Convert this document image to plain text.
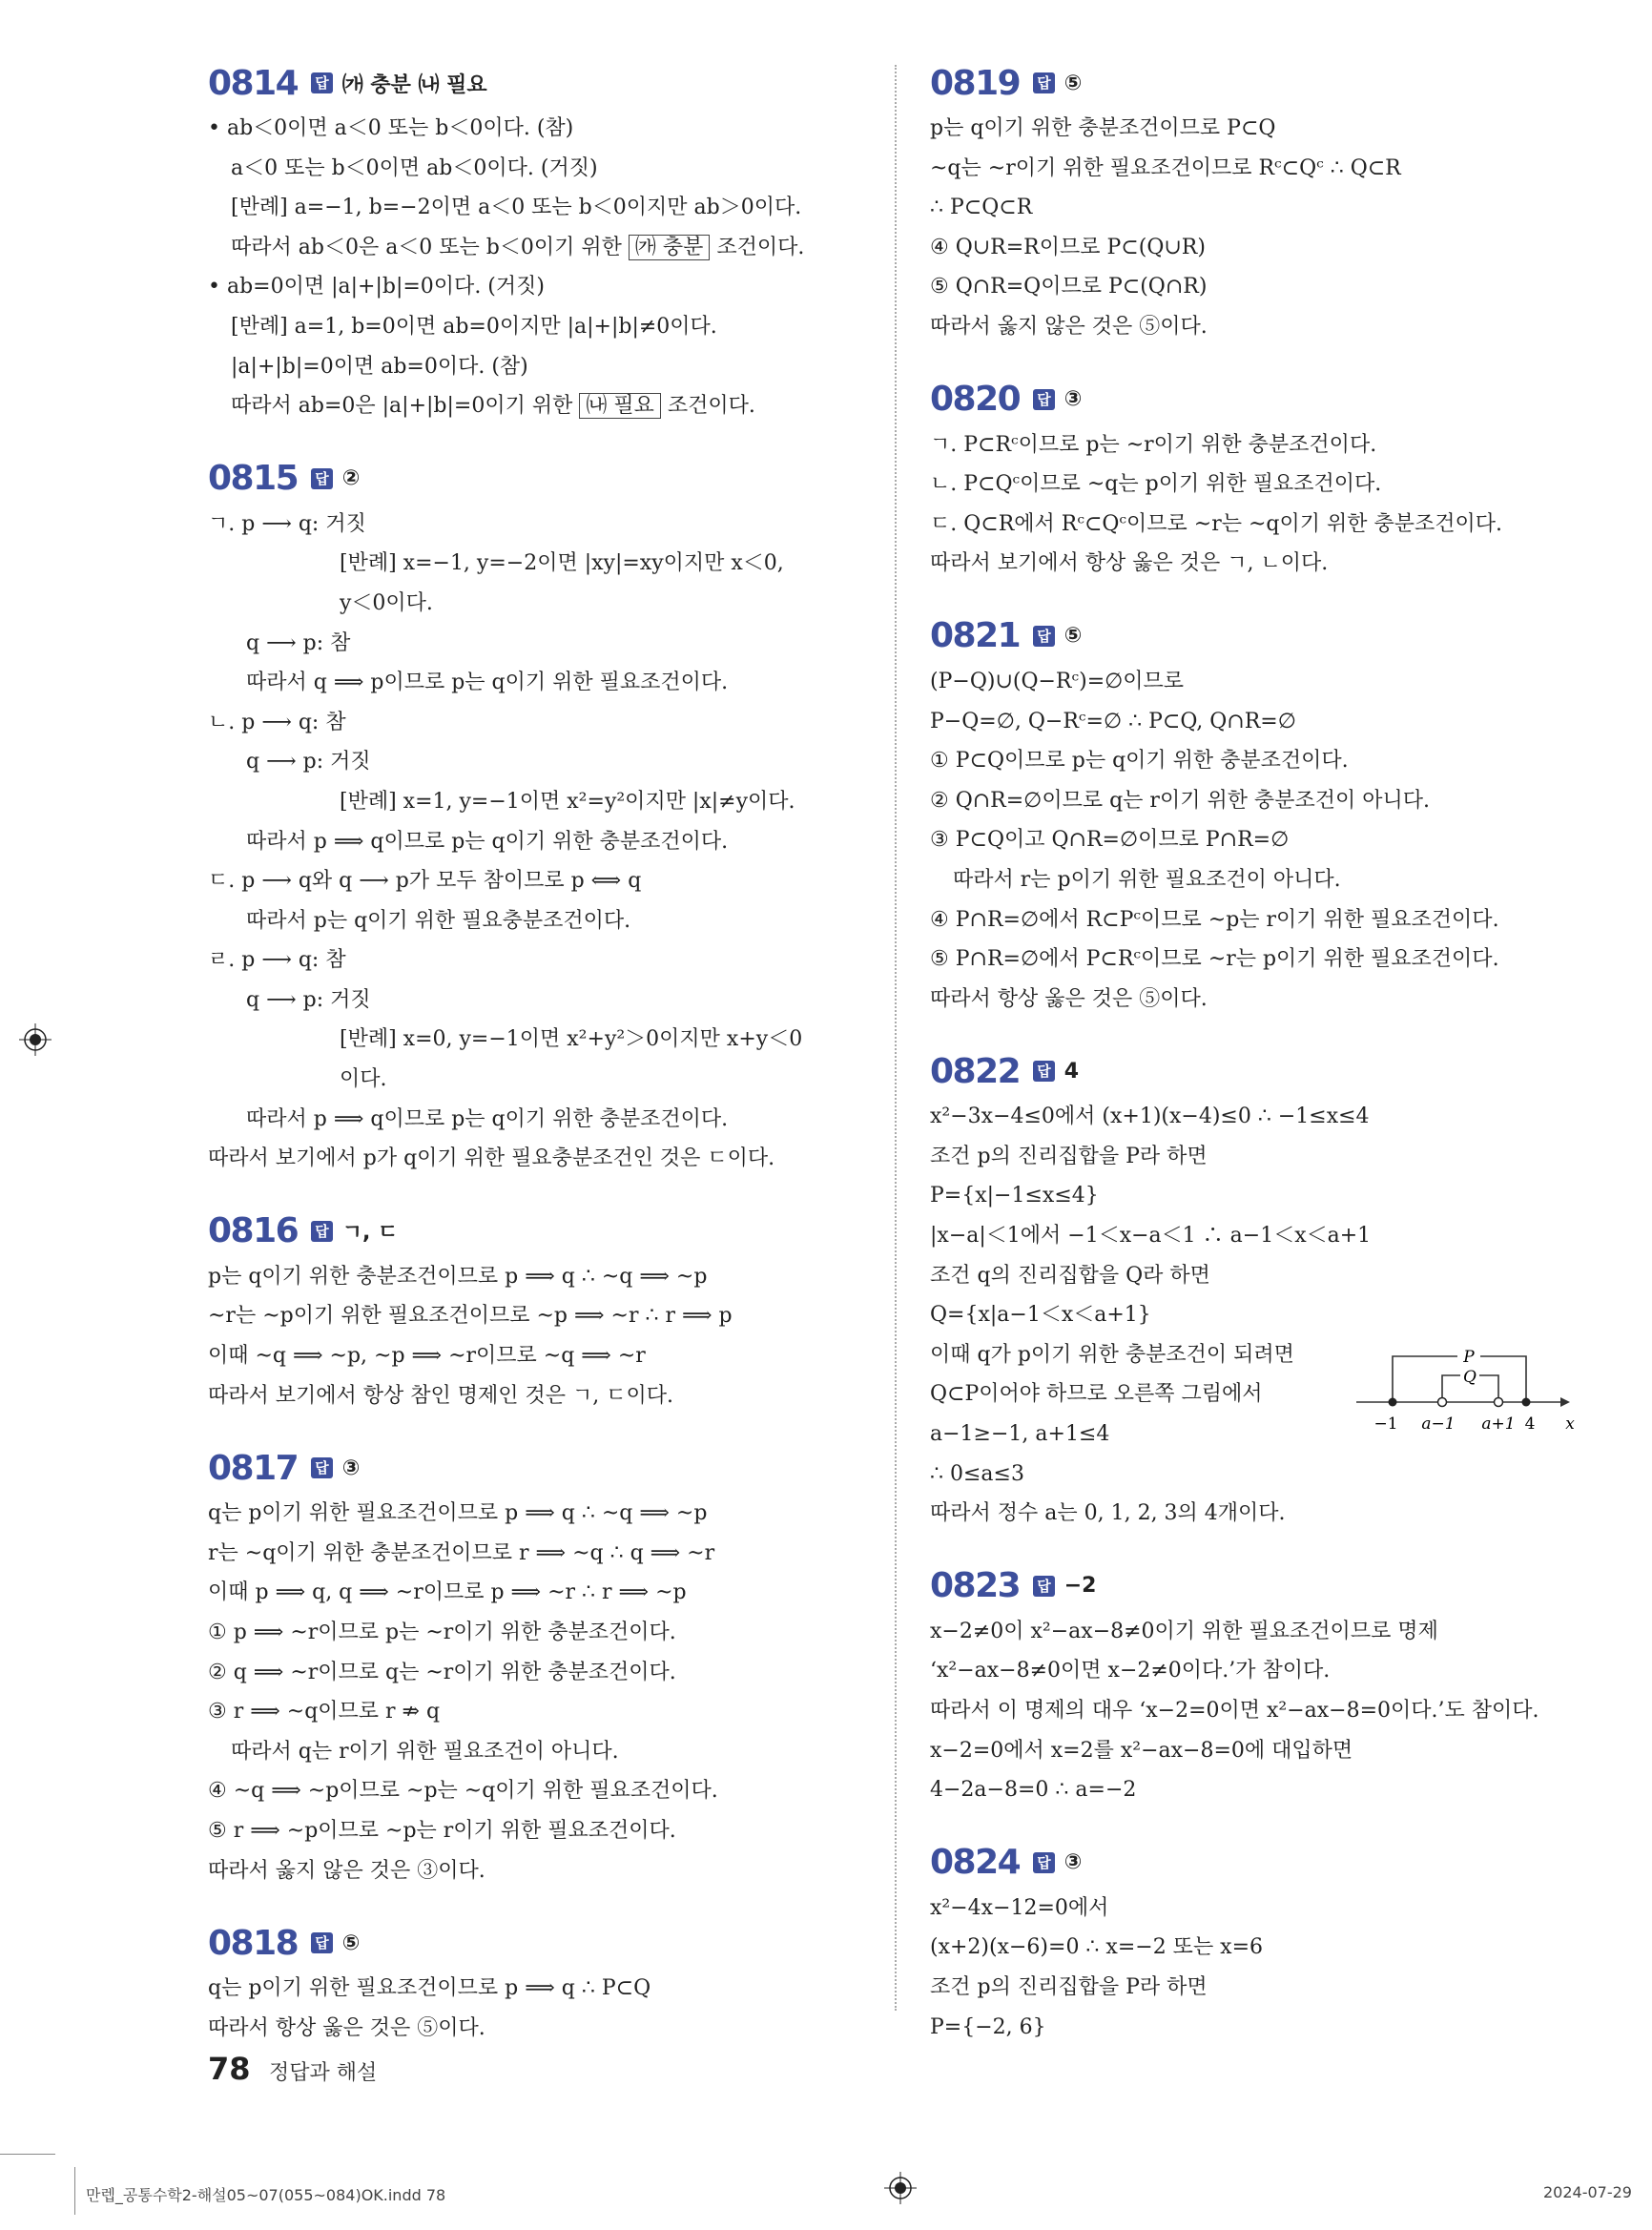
0814 답 ㈎ 충분 ㈏ 필요
• ab＜0이면 a＜0 또는 b＜0이다. (참)
a＜0 또는 b＜0이면 ab＜0이다. (거짓)
[반례] a=−1, b=−2이면 a＜0 또는 b＜0이지만 ab＞0이다.
따라서 ab＜0은 a＜0 또는 b＜0이기 위한 ㈎ 충분 조건이다.
• ab=0이면 |a|+|b|=0이다. (거짓)
[반례] a=1, b=0이면 ab=0이지만 |a|+|b|≠0이다.
|a|+|b|=0이면 ab=0이다. (참)
따라서 ab=0은 |a|+|b|=0이기 위한 ㈏ 필요 조건이다.
0815 답 ②
ㄱ. p ⟶ q: 거짓
[반례] x=−1, y=−2이면 |xy|=xy이지만 x＜0,
y＜0이다.
q ⟶ p: 참
따라서 q ⟹ p이므로 p는 q이기 위한 필요조건이다.
ㄴ. p ⟶ q: 참
q ⟶ p: 거짓
[반례] x=1, y=−1이면 x²=y²이지만 |x|≠y이다.
따라서 p ⟹ q이므로 p는 q이기 위한 충분조건이다.
ㄷ. p ⟶ q와 q ⟶ p가 모두 참이므로 p ⟺ q
따라서 p는 q이기 위한 필요충분조건이다.
ㄹ. p ⟶ q: 참
q ⟶ p: 거짓
[반례] x=0, y=−1이면 x²+y²＞0이지만 x+y＜0
이다.
따라서 p ⟹ q이므로 p는 q이기 위한 충분조건이다.
따라서 보기에서 p가 q이기 위한 필요충분조건인 것은 ㄷ이다.
0816 답 ㄱ, ㄷ
p는 q이기 위한 충분조건이므로 p ⟹ q ∴ ~q ⟹ ~p
~r는 ~p이기 위한 필요조건이므로 ~p ⟹ ~r ∴ r ⟹ p
이때 ~q ⟹ ~p, ~p ⟹ ~r이므로 ~q ⟹ ~r
따라서 보기에서 항상 참인 명제인 것은 ㄱ, ㄷ이다.
0817 답 ③
q는 p이기 위한 필요조건이므로 p ⟹ q ∴ ~q ⟹ ~p
r는 ~q이기 위한 충분조건이므로 r ⟹ ~q ∴ q ⟹ ~r
이때 p ⟹ q, q ⟹ ~r이므로 p ⟹ ~r ∴ r ⟹ ~p
① p ⟹ ~r이므로 p는 ~r이기 위한 충분조건이다.
② q ⟹ ~r이므로 q는 ~r이기 위한 충분조건이다.
③ r ⟹ ~q이므로 r ⇏ q
따라서 q는 r이기 위한 필요조건이 아니다.
④ ~q ⟹ ~p이므로 ~p는 ~q이기 위한 필요조건이다.
⑤ r ⟹ ~p이므로 ~p는 r이기 위한 필요조건이다.
따라서 옳지 않은 것은 ③이다.
0818 답 ⑤
q는 p이기 위한 필요조건이므로 p ⟹ q ∴ P⊂Q
따라서 항상 옳은 것은 ⑤이다.
0819 답 ⑤
p는 q이기 위한 충분조건이므로 P⊂Q
~q는 ~r이기 위한 필요조건이므로 Rᶜ⊂Qᶜ ∴ Q⊂R
∴ P⊂Q⊂R
④ Q∪R=R이므로 P⊂(Q∪R)
⑤ Q∩R=Q이므로 P⊂(Q∩R)
따라서 옳지 않은 것은 ⑤이다.
0820 답 ③
ㄱ. P⊂Rᶜ이므로 p는 ~r이기 위한 충분조건이다.
ㄴ. P⊂Qᶜ이므로 ~q는 p이기 위한 필요조건이다.
ㄷ. Q⊂R에서 Rᶜ⊂Qᶜ이므로 ~r는 ~q이기 위한 충분조건이다.
따라서 보기에서 항상 옳은 것은 ㄱ, ㄴ이다.
0821 답 ⑤
(P−Q)∪(Q−Rᶜ)=∅이므로
P−Q=∅, Q−Rᶜ=∅ ∴ P⊂Q, Q∩R=∅
① P⊂Q이므로 p는 q이기 위한 충분조건이다.
② Q∩R=∅이므로 q는 r이기 위한 충분조건이 아니다.
③ P⊂Q이고 Q∩R=∅이므로 P∩R=∅
따라서 r는 p이기 위한 필요조건이 아니다.
④ P∩R=∅에서 R⊂Pᶜ이므로 ~p는 r이기 위한 필요조건이다.
⑤ P∩R=∅에서 P⊂Rᶜ이므로 ~r는 p이기 위한 필요조건이다.
따라서 항상 옳은 것은 ⑤이다.
0822 답 4
x²−3x−4≤0에서 (x+1)(x−4)≤0 ∴ −1≤x≤4
조건 p의 진리집합을 P라 하면
P={x|−1≤x≤4}
|x−a|＜1에서 −1＜x−a＜1 ∴ a−1＜x＜a+1
조건 q의 진리집합을 Q라 하면
Q={x|a−1＜x＜a+1}
이때 q가 p이기 위한 충분조건이 되려면
Q⊂P이어야 하므로 오른쪽 그림에서
a−1≥−1, a+1≤4
P
Q
−1 a−1 a+1 4 x
∴ 0≤a≤3
따라서 정수 a는 0, 1, 2, 3의 4개이다.
0823 답 −2
x−2≠0이 x²−ax−8≠0이기 위한 필요조건이므로 명제
‘x²−ax−8≠0이면 x−2≠0이다.’가 참이다.
따라서 이 명제의 대우 ‘x−2=0이면 x²−ax−8=0이다.’도 참이다.
x−2=0에서 x=2를 x²−ax−8=0에 대입하면
4−2a−8=0 ∴ a=−2
0824 답 ③
x²−4x−12=0에서
(x+2)(x−6)=0 ∴ x=−2 또는 x=6
조건 p의 진리집합을 P라 하면
P={−2, 6}
78 정답과 해설
만렙_공통수학2-해설05~07(055~084)OK.indd 78	2024-07-29
